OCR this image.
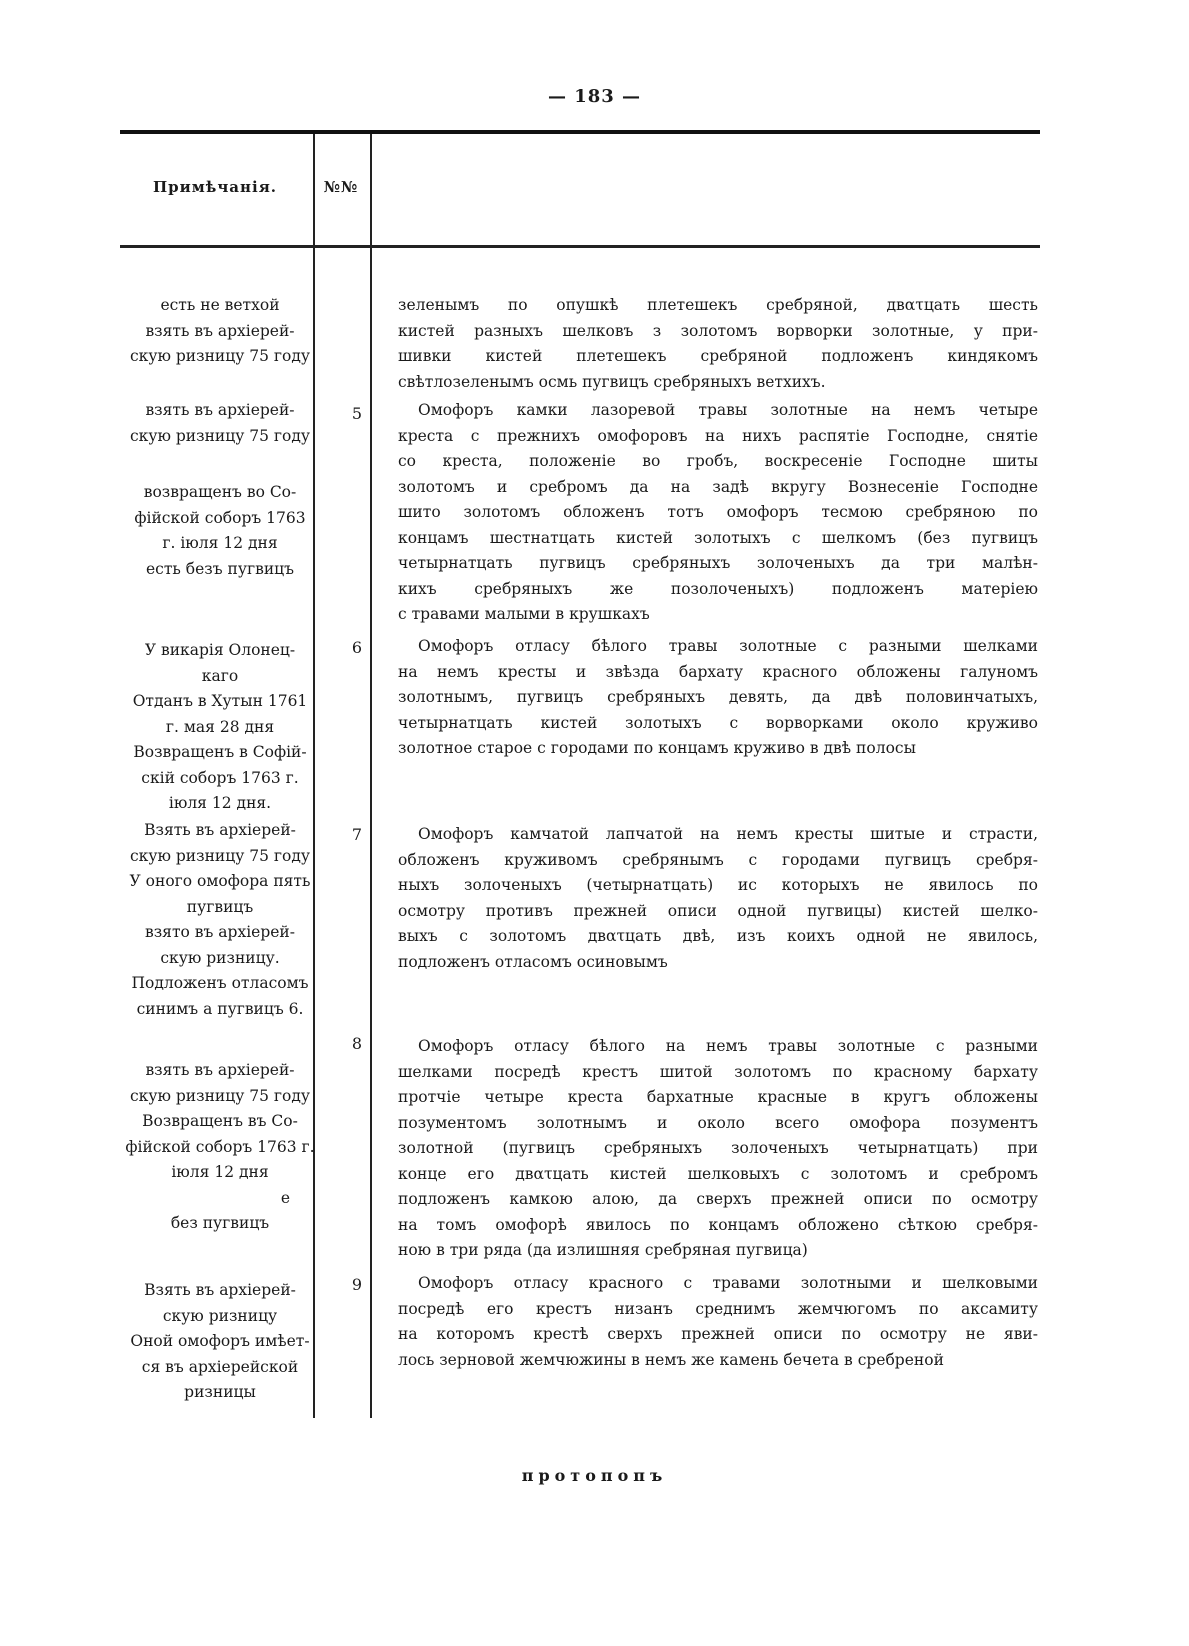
— 183 —
Примѣчанія.	№№
есть не ветхой
взять въ архіерей-
скую ризницу 75 году
взять въ архіерей-
скую ризницу 75 году
возвращенъ во Со-
фійской соборъ 1763
г. іюля 12 дня
есть безъ пугвицъ
У викарія Олонец-
каго
Отданъ в Хутын 1761
г. мая 28 дня
Возвращенъ в Софій-
скій соборъ 1763 г.
іюля 12 дня.
Взять въ архіерей-
скую ризницу 75 году
У оного омофора пять
пугвицъ
взято въ архіерей-
скую ризницу.
Подложенъ отласомъ
синимъ а пугвицъ 6.
взять въ архіерей-
скую ризницу 75 году
Возвращенъ въ Со-
фійской соборъ 1763 г.
іюля 12 дня
е
без пугвицъ
Взять въ архіерей-
скую ризницу
Оной омофоръ имѣет-
ся въ архіерейской
ризницы
5
6
7
8
9
зеленымъ по опушкѣ плетешекъ сребряной, двατцать шесть
кистей разныхъ шелковъ з золотомъ ворворки золотные, у при-
шивки кистей плетешекъ сребряной подложенъ киндякомъ
свѣтлозеленымъ осмь пугвицъ сребряныхъ ветхихъ.
Омофоръ камки лазоревой травы золотные на немъ четыре
креста с прежнихъ омофоровъ на нихъ распятіе Господне, снятіе
со креста, положеніе во гробъ, воскресеніе Господне шиты
золотомъ и сребромъ да на задѣ вкругу Вознесеніе Господне
шито золотомъ обложенъ тотъ омофоръ тесмою сребряною по
концамъ шестнатцать кистей золотыхъ с шелкомъ (без пугвицъ
четырнатцать пугвицъ сребряныхъ золоченыхъ да три малѣн-
кихъ сребряныхъ же позолоченыхъ) подложенъ матеріею
с травами малыми в крушкахъ
Омофоръ отласу бѣлого травы золотные с разными шелками
на немъ кресты и звѣзда бархату красного обложены галуномъ
золотнымъ, пугвицъ сребряныхъ девять, да двѣ половинчатыхъ,
четырнатцать кистей золотыхъ с ворворками около круживо
золотное старое с городами по концамъ круживо в двѣ полосы
Омофоръ камчатой лапчатой на немъ кресты шитые и страсти,
обложенъ круживомъ сребрянымъ с городами пугвицъ сребря-
ныхъ золоченыхъ (четырнатцать) ис которыхъ не явилось по
осмотру противъ прежней описи одной пугвицы) кистей шелко-
выхъ с золотомъ двατцать двѣ, изъ коихъ одной не явилось,
подложенъ отласомъ осиновымъ
Омофоръ отласу бѣлого на немъ травы золотные с разными
шелками посредѣ крестъ шитой золотомъ по красному бархату
протчіе четыре креста бархатные красные в кругъ обложены
позументомъ золотнымъ и около всего омофора позументъ
золотной (пугвицъ сребряныхъ золоченыхъ четырнатцать) при
конце его двατцать кистей шелковыхъ с золотомъ и сребромъ
подложенъ камкою алою, да сверхъ прежней описи по осмотру
на томъ омофорѣ явилось по концамъ обложено сѣткою сребря-
ною в три ряда (да излишняя сребряная пугвица)
Омофоръ отласу красного с травами золотными и шелковыми
посредѣ его крестъ низанъ среднимъ жемчюгомъ по аксамиту
на которомъ крестѣ сверхъ прежней описи по осмотру не яви-
лось зерновой жемчюжины в немъ же камень бечета в сребреной
протопопъ
